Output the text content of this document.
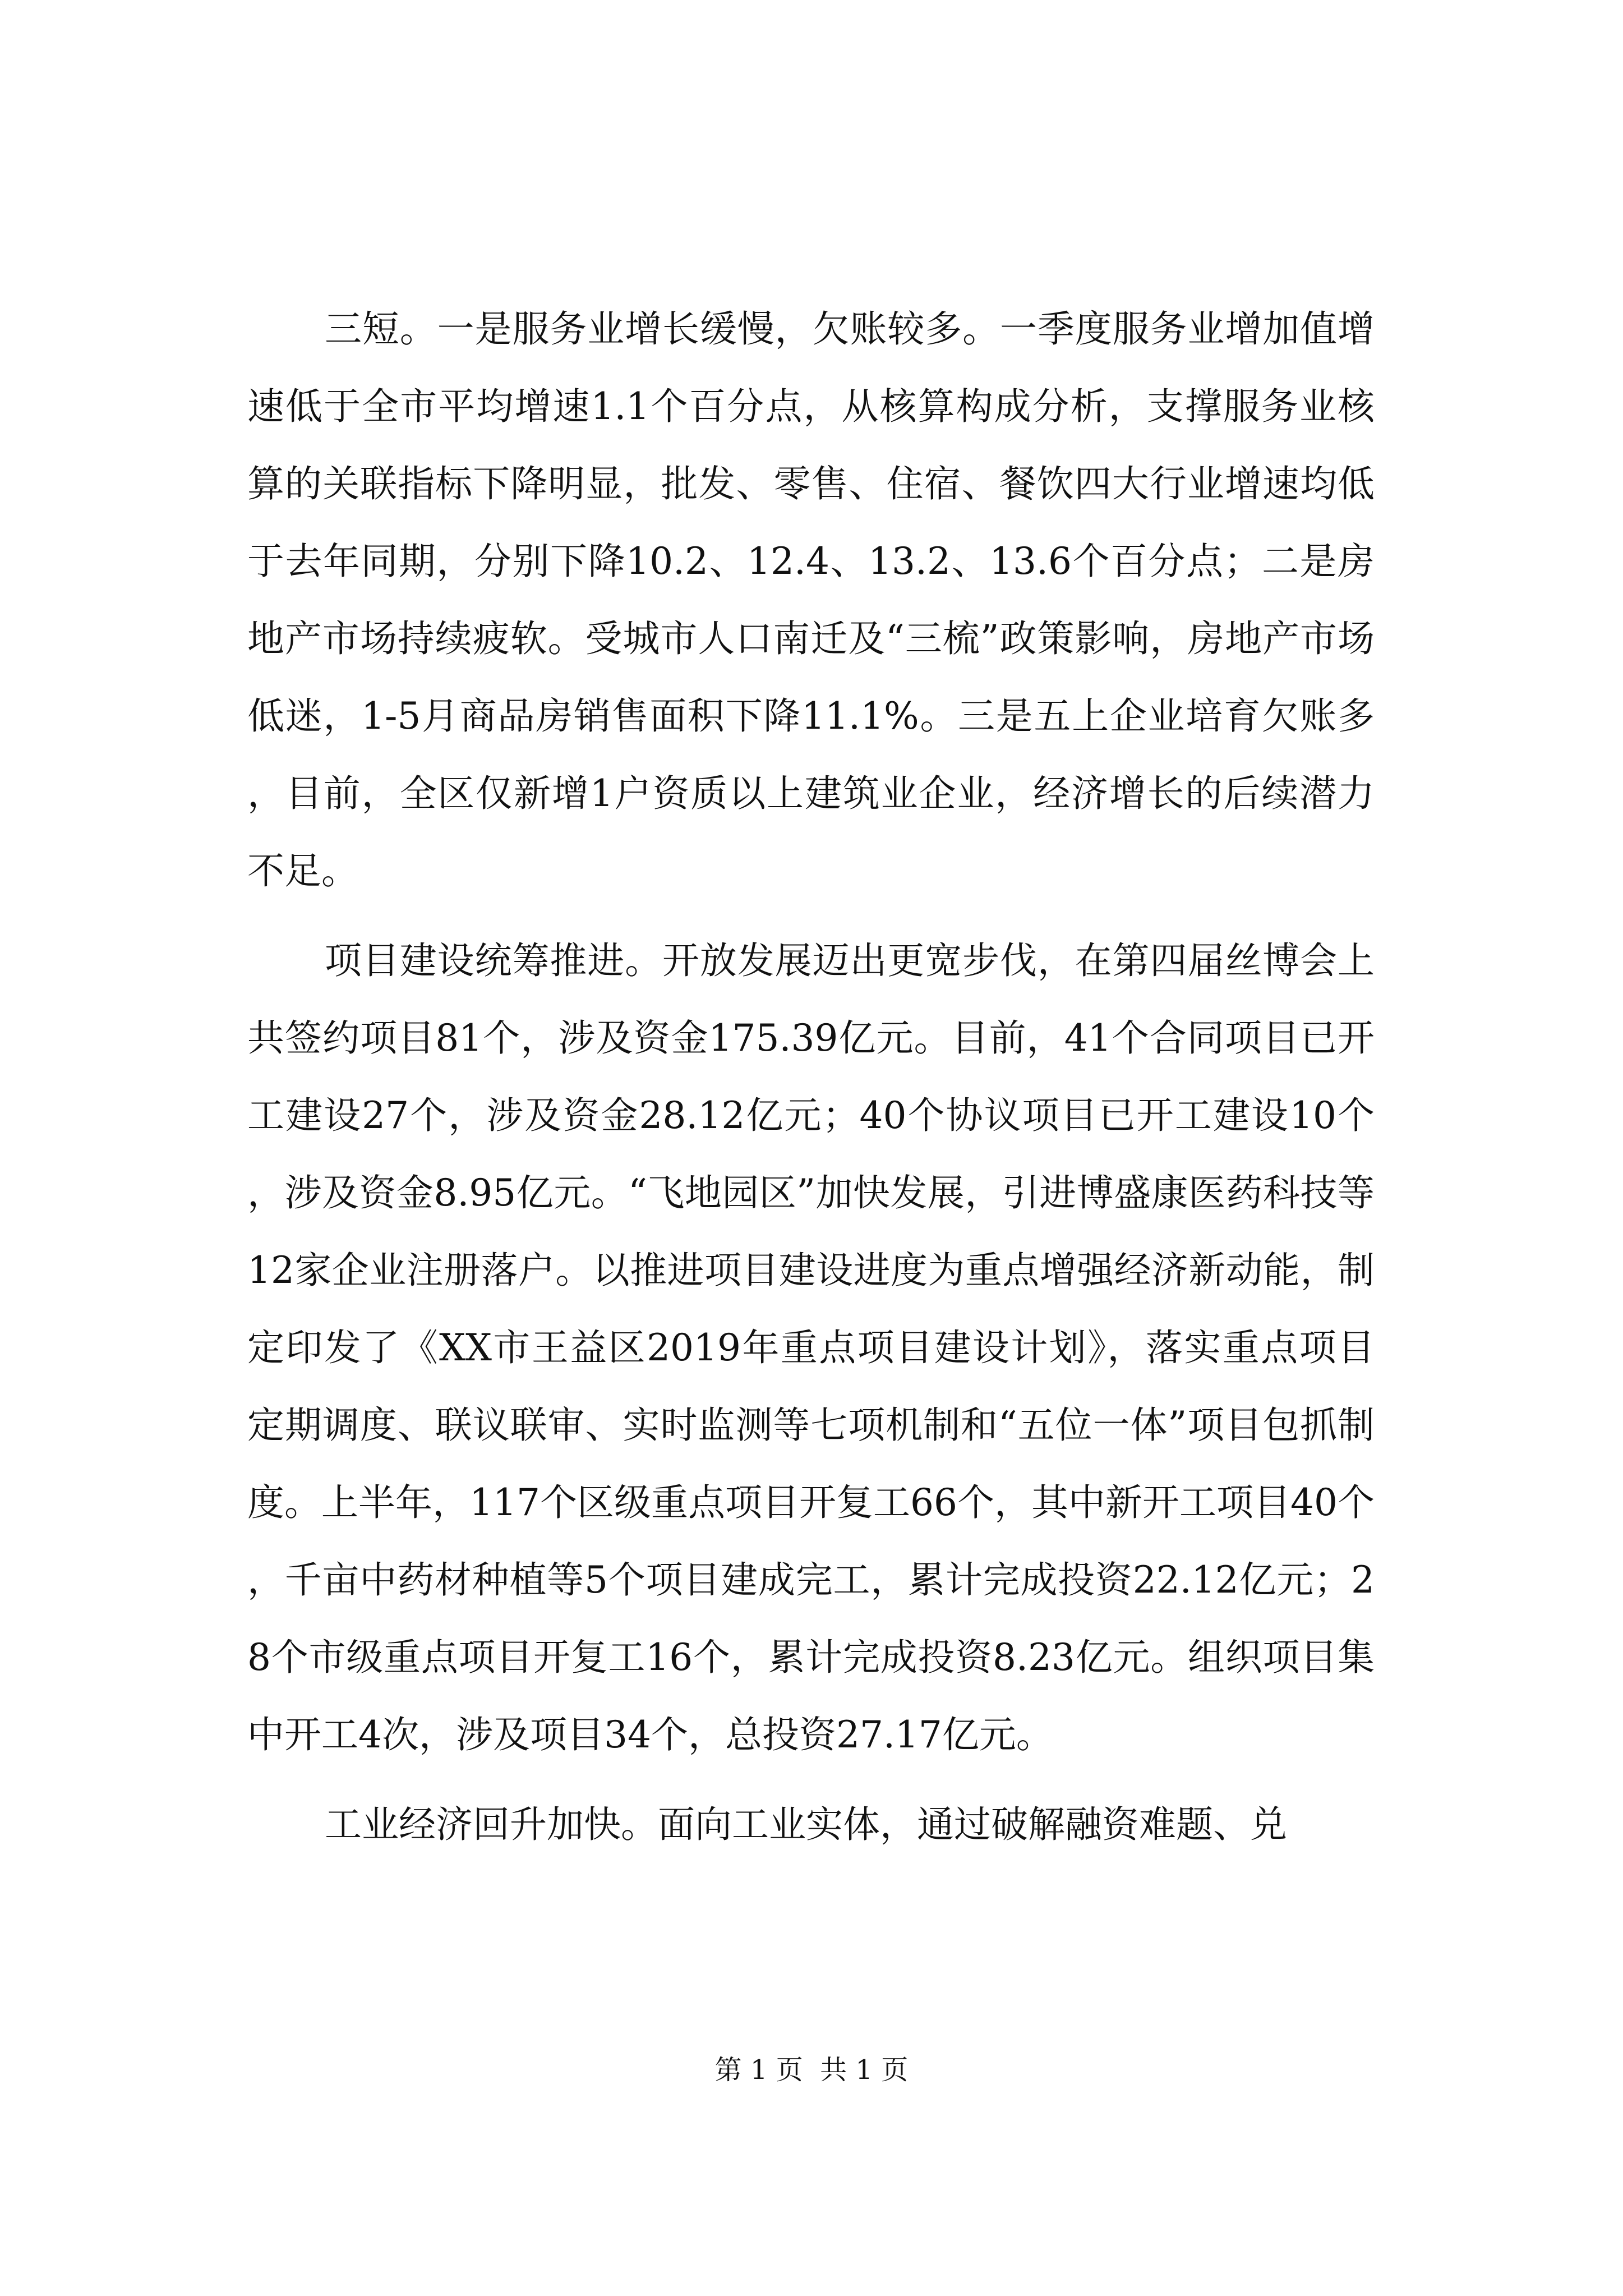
三短。一是服务业增长缓慢，欠账较多。一季度服务业增加值增速低于全市平均增速1.1个百分点，从核算构成分析，支撑服务业核算的关联指标下降明显，批发、零售、住宿、餐饮四大行业增速均低于去年同期，分别下降10.2、12.4、13.2、13.6个百分点；二是房地产市场持续疲软。受城市人口南迁及“三梳”政策影响，房地产市场低迷，1-5月商品房销售面积下降11.1%。三是五上企业培育欠账多，目前，全区仅新增1户资质以上建筑业企业，经济增长的后续潜力不足。

项目建设统筹推进。开放发展迈出更宽步伐，在第四届丝博会上共签约项目81个，涉及资金175.39亿元。目前，41个合同项目已开工建设27个，涉及资金28.12亿元；40个协议项目已开工建设10个，涉及资金8.95亿元。“飞地园区”加快发展，引进博盛康医药科技等12家企业注册落户。以推进项目建设进度为重点增强经济新动能，制定印发了《XX市王益区2019年重点项目建设计划》，落实重点项目定期调度、联议联审、实时监测等七项机制和“五位一体”项目包抓制度。上半年，117个区级重点项目开复工66个，其中新开工项目40个，千亩中药材种植等5个项目建成完工，累计完成投资22.12亿元；28个市级重点项目开复工16个，累计完成投资8.23亿元。组织项目集中开工4次，涉及项目34个，总投资27.17亿元。

工业经济回升加快。面向工业实体，通过破解融资难题、兑

第 1 页  共 1 页
